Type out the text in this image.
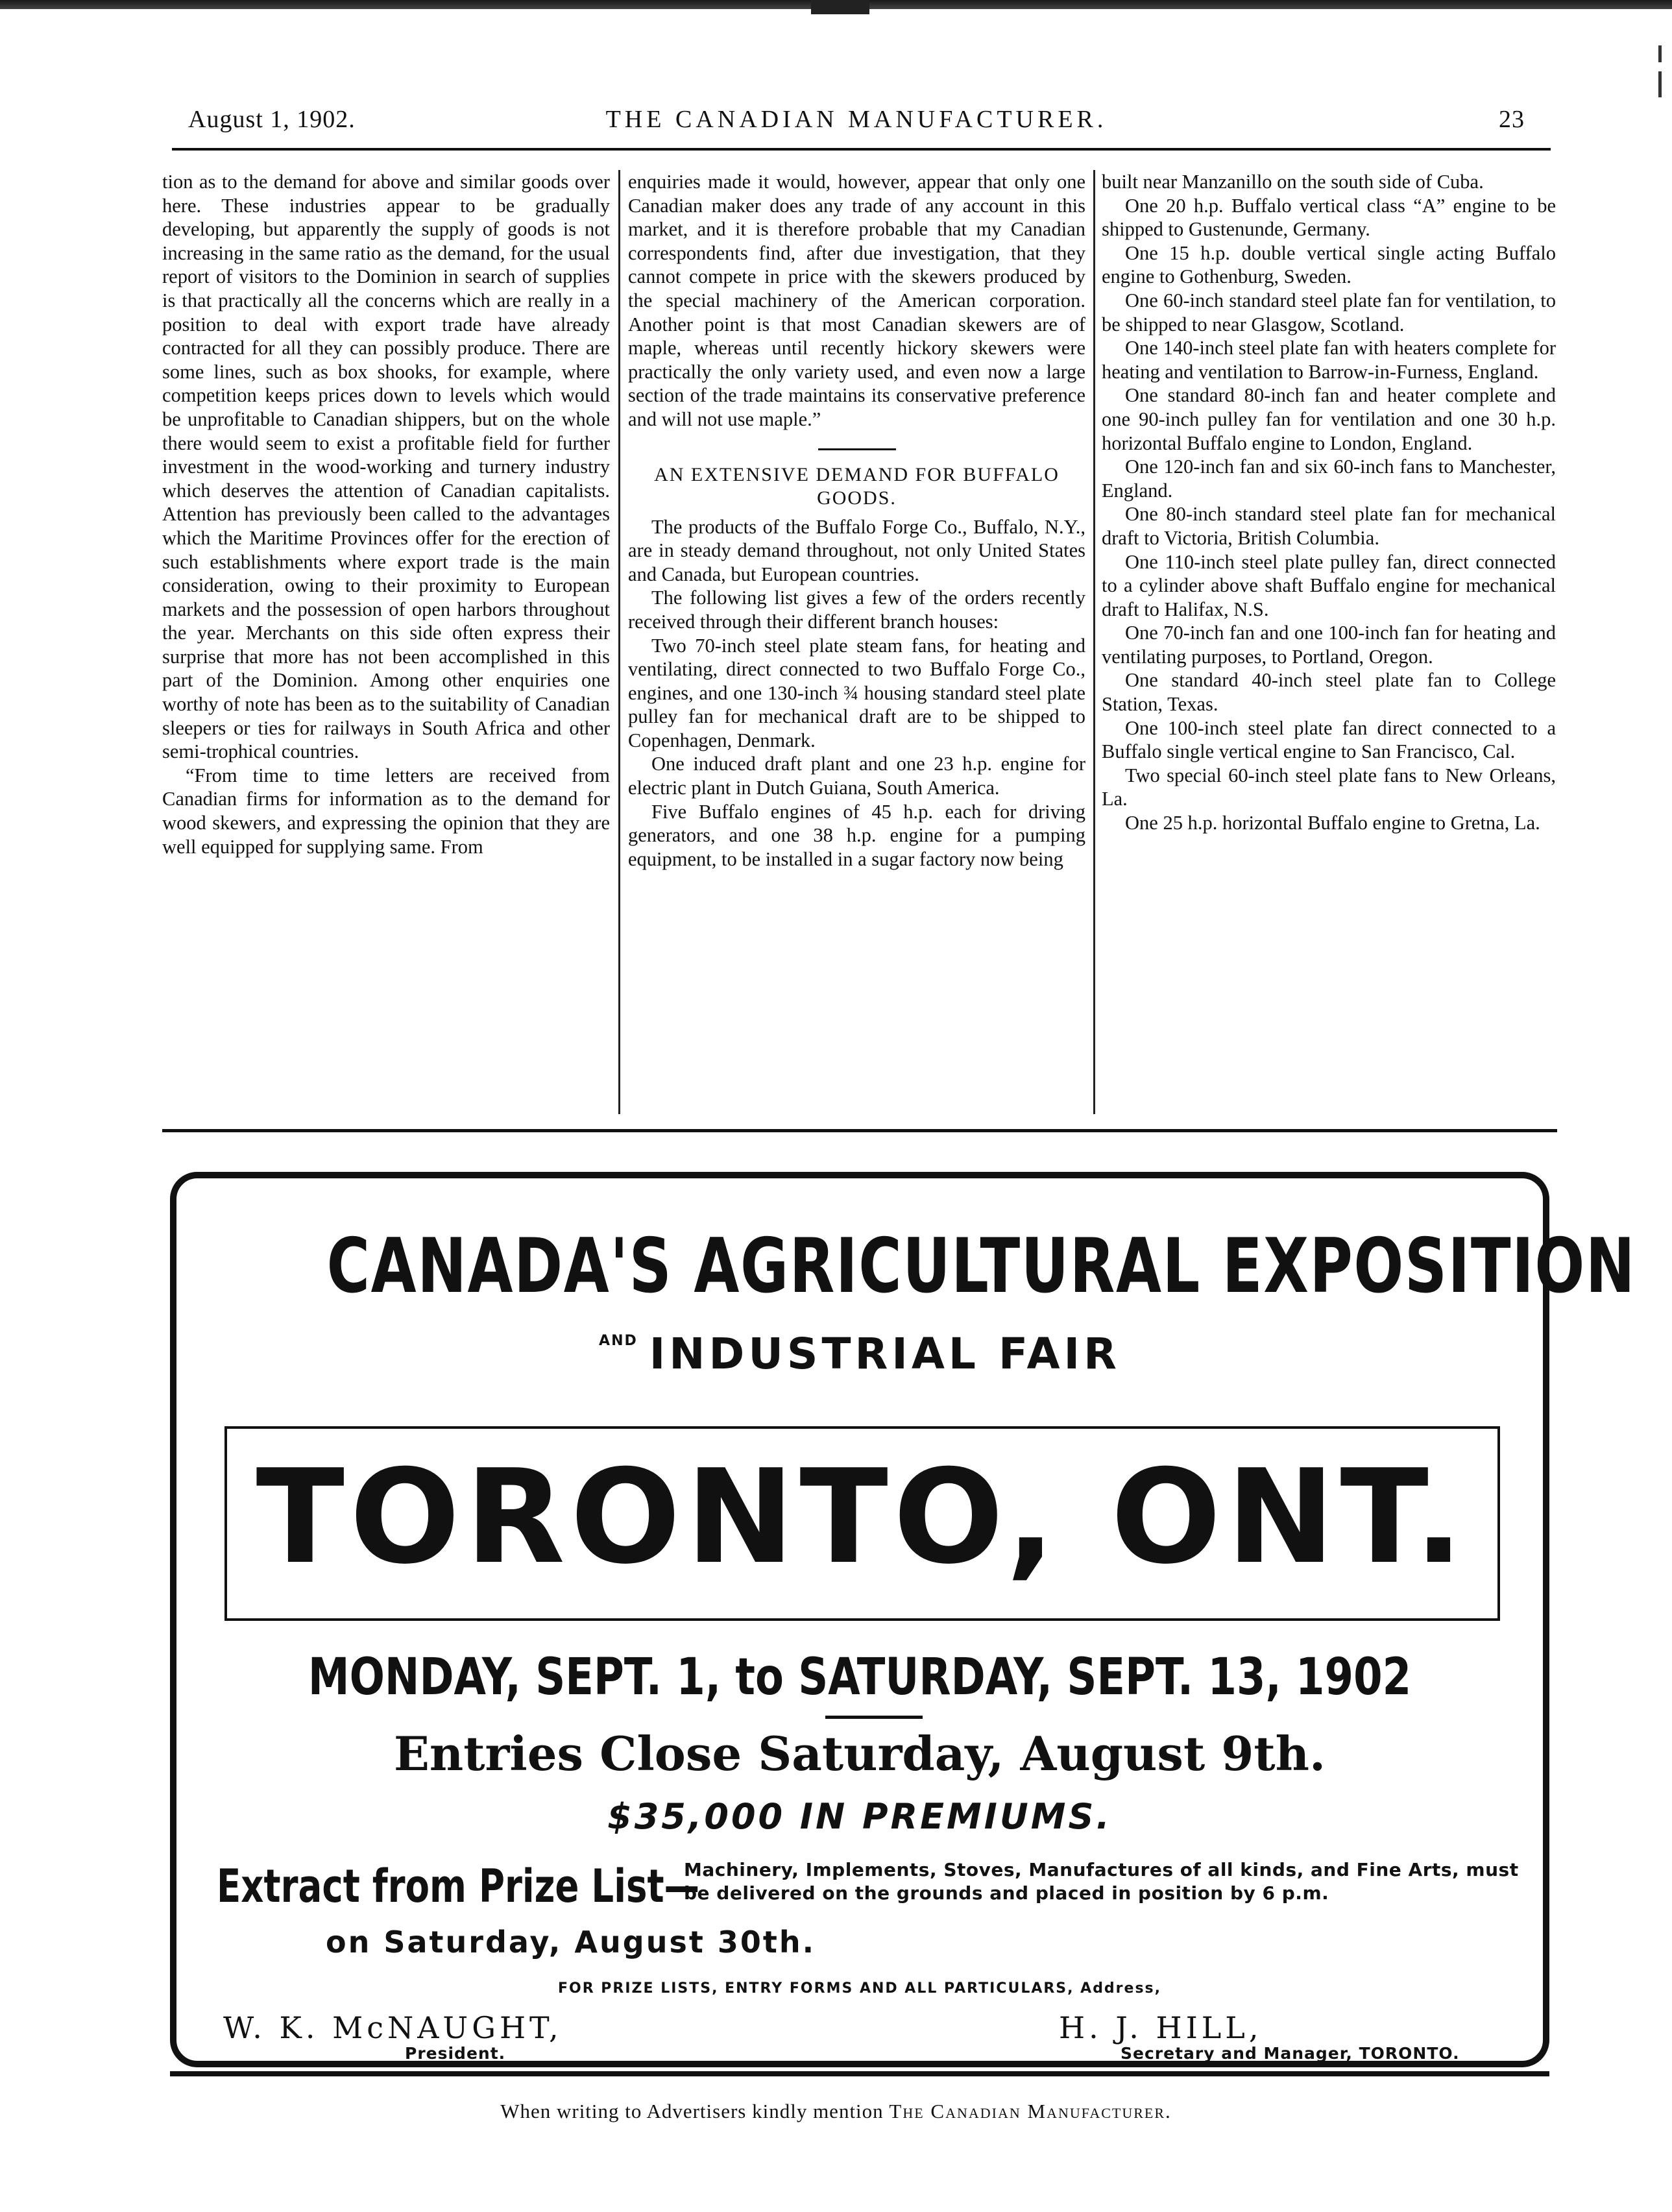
August 1, 1902.	THE CANADIAN MANUFACTURER.	23

tion as to the demand for above and similar goods over here. These industries appear to be gradually developing, but apparently the supply of goods is not increasing in the same ratio as the demand, for the usual report of visitors to the Dominion in search of supplies is that practically all the concerns which are really in a position to deal with export trade have already contracted for all they can possibly produce. There are some lines, such as box shooks, for example, where competition keeps prices down to levels which would be unprofitable to Canadian shippers, but on the whole there would seem to exist a profitable field for further investment in the wood-working and turnery industry which deserves the attention of Canadian capitalists. Attention has previously been called to the advantages which the Maritime Provinces offer for the erection of such establishments where export trade is the main consideration, owing to their proximity to European markets and the possession of open harbors throughout the year. Merchants on this side often express their surprise that more has not been accomplished in this part of the Dominion. Among other enquiries one worthy of note has been as to the suitability of Canadian sleepers or ties for railways in South Africa and other semi-trophical countries.

“From time to time letters are received from Canadian firms for information as to the demand for wood skewers, and expressing the opinion that they are well equipped for supplying same. From

enquiries made it would, however, appear that only one Canadian maker does any trade of any account in this market, and it is therefore probable that my Canadian correspondents find, after due investigation, that they cannot compete in price with the skewers produced by the special machinery of the American corporation. Another point is that most Canadian skewers are of maple, whereas until recently hickory skewers were practically the only variety used, and even now a large section of the trade maintains its conservative preference and will not use maple.”

AN EXTENSIVE DEMAND FOR BUFFALO GOODS.

The products of the Buffalo Forge Co., Buffalo, N.Y., are in steady demand throughout, not only United States and Canada, but European countries.

The following list gives a few of the orders recently received through their different branch houses:

Two 70-inch steel plate steam fans, for heating and ventilating, direct connected to two Buffalo Forge Co., engines, and one 130-inch ¾ housing standard steel plate pulley fan for mechanical draft are to be shipped to Copenhagen, Denmark.

One induced draft plant and one 23 h.p. engine for electric plant in Dutch Guiana, South America.

Five Buffalo engines of 45 h.p. each for driving generators, and one 38 h.p. engine for a pumping equipment, to be installed in a sugar factory now being

built near Manzanillo on the south side of Cuba.

One 20 h.p. Buffalo vertical class “A” engine to be shipped to Gustenunde, Germany.

One 15 h.p. double vertical single acting Buffalo engine to Gothenburg, Sweden.

One 60-inch standard steel plate fan for ventilation, to be shipped to near Glasgow, Scotland.

One 140-inch steel plate fan with heaters complete for heating and ventilation to Barrow-in-Furness, England.

One standard 80-inch fan and heater complete and one 90-inch pulley fan for ventilation and one 30 h.p. horizontal Buffalo engine to London, England.

One 120-inch fan and six 60-inch fans to Manchester, England.

One 80-inch standard steel plate fan for mechanical draft to Victoria, British Columbia.

One 110-inch steel plate pulley fan, direct connected to a cylinder above shaft Buffalo engine for mechanical draft to Halifax, N.S.

One 70-inch fan and one 100-inch fan for heating and ventilating purposes, to Portland, Oregon.

One standard 40-inch steel plate fan to College Station, Texas.

One 100-inch steel plate fan direct connected to a Buffalo single vertical engine to San Francisco, Cal.

Two special 60-inch steel plate fans to New Orleans, La.

One 25 h.p. horizontal Buffalo engine to Gretna, La.

CANADA'S AGRICULTURAL EXPOSITION
$^{AND}$ INDUSTRIAL FAIR
TORONTO, ONT.
MONDAY, SEPT. 1, to SATURDAY, SEPT. 13, 1902
Entries Close Saturday, August 9th.
$35,000 IN PREMIUMS.
Extract from Prize List—
Machinery, Implements, Stoves, Manufactures of all kinds, and Fine Arts, must be delivered on the grounds and placed in position by 6 p.m.
on Saturday, August 30th.
FOR PRIZE LISTS, ENTRY FORMS AND ALL PARTICULARS, Address,
W. K. McNAUGHT,
President.
H. J. HILL,
Secretary and Manager, TORONTO.
When writing to Advertisers kindly mention The Canadian Manufacturer.
